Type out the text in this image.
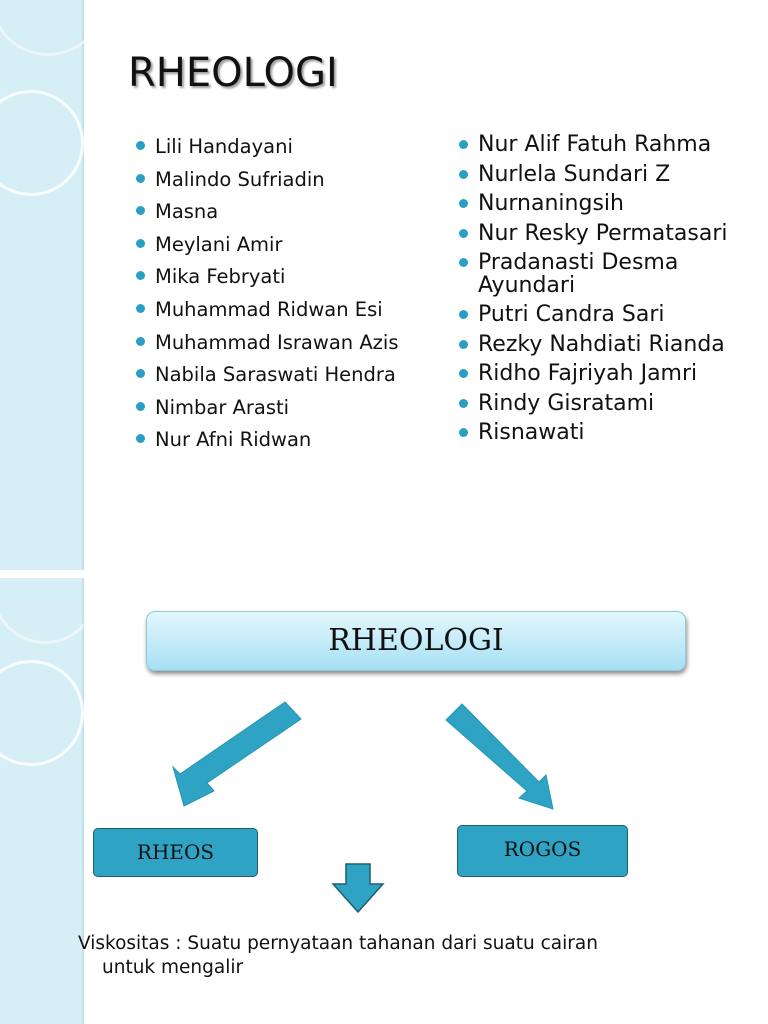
RHEOLOGI
Lili Handayani
Malindo Sufriadin
Masna
Meylani Amir
Mika Febryati
Muhammad Ridwan Esi
Muhammad Israwan Azis
Nabila Saraswati Hendra
Nimbar Arasti
Nur Afni Ridwan
Nur Alif Fatuh Rahma
Nurlela Sundari Z
Nurnaningsih
Nur Resky Permatasari
Pradanasti Desma Ayundari
Putri Candra Sari
Rezky Nahdiati Rianda
Ridho Fajriyah Jamri
Rindy Gisratami
Risnawati
RHEOLOGI
RHEOS	ROGOS

Viskositas : Suatu pernyataan tahanan dari suatu cairan
untuk mengalir
